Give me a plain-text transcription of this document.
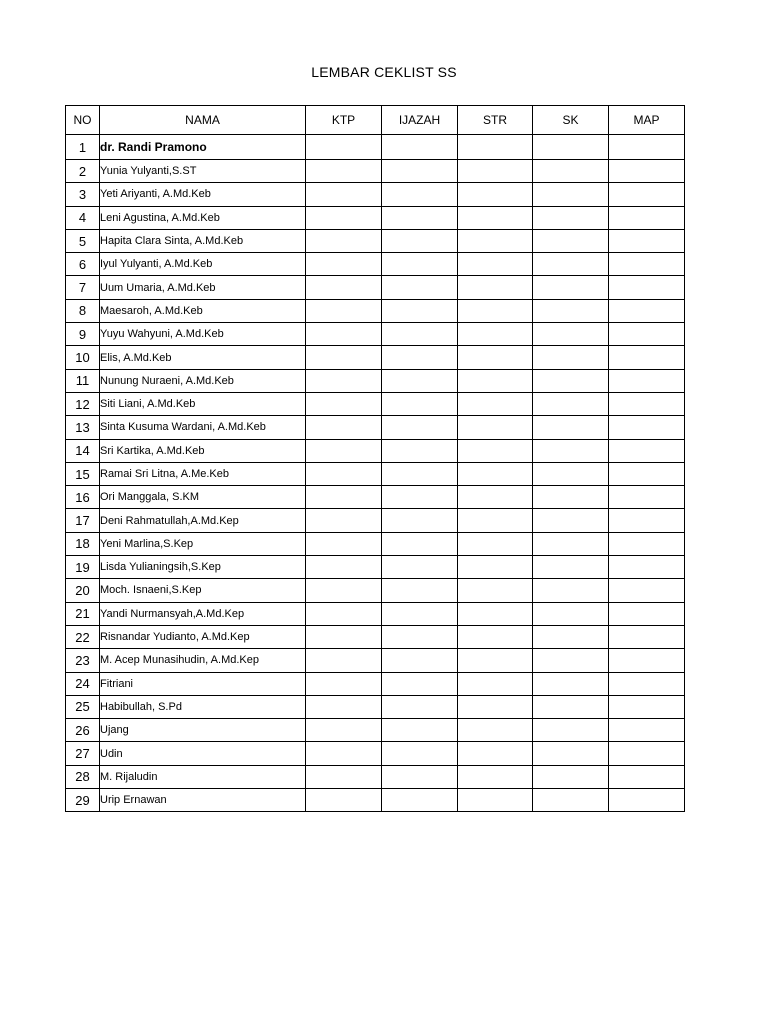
LEMBAR CEKLIST SS
NO	NAMA	KTP	IJAZAH	STR	SK	MAP
1	dr. Randi Pramono					
2	Yunia Yulyanti,S.ST					
3	Yeti Ariyanti, A.Md.Keb					
4	Leni Agustina, A.Md.Keb					
5	Hapita Clara Sinta, A.Md.Keb					
6	Iyul Yulyanti, A.Md.Keb					
7	Uum Umaria, A.Md.Keb					
8	Maesaroh, A.Md.Keb					
9	Yuyu Wahyuni, A.Md.Keb					
10	Elis, A.Md.Keb					
11	Nunung Nuraeni, A.Md.Keb					
12	Siti Liani, A.Md.Keb					
13	Sinta Kusuma Wardani, A.Md.Keb					
14	Sri Kartika, A.Md.Keb					
15	Ramai Sri Litna, A.Me.Keb					
16	Ori Manggala, S.KM					
17	Deni Rahmatullah,A.Md.Kep					
18	Yeni Marlina,S.Kep					
19	Lisda Yulianingsih,S.Kep					
20	Moch. Isnaeni,S.Kep					
21	Yandi Nurmansyah,A.Md.Kep					
22	Risnandar Yudianto, A.Md.Kep					
23	M. Acep Munasihudin, A.Md.Kep					
24	Fitriani					
25	Habibullah, S.Pd					
26	Ujang					
27	Udin					
28	M. Rijaludin					
29	Urip Ernawan					
